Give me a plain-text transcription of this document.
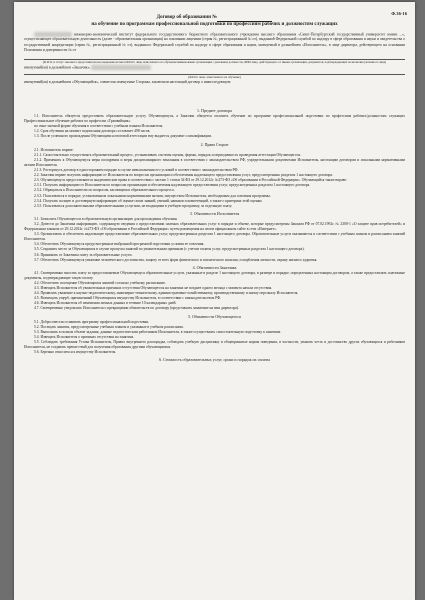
Ф.36-16
Договор об образовании №
на обучение по программам профессиональной подготовки по профессиям рабочих и должностям служащих

инженерно-экономический институт федерального государственного бюджетного образовательного учреждения высшего образования «Санкт-Петербургский государственный университет имени ...», осуществляющее образовательную деятельность (далее - образовательная организация) на основании лицензии (серия №, регистрационный № от), выданной Федеральной службой по надзору в сфере образования и науки и свидетельства о государственной аккредитации (серия №, регистрационный № от), выданного Федеральной службой по надзору в сфере образования и науки, именуемый в дальнейшем «Исполнитель», в лице директора, действующего на основании Положения и доверенности № от

(Ф.И.О. и статус законного представителя несовершеннолетнего/Ф.И.О. лица зачисленного на обучение/наименование организации с указанием должности, ФИО лица, действующего от имени организации, документов, подтверждающих полномочия указанного лица)

именуемый(ая) в дальнейшем «Заказчик»,

(Ф.И.О. лица, зачисленного на обучение)

именуемый(ая) в дальнейшем «Обучающийся», совместно именуемые Стороны, заключили настоящий договор о нижеследующем:

1. Предмет договора

1.1. Исполнитель обязуется предоставить образовательную услугу Обучающемуся, а Заказчик обязуется оплатить обучение по программе профессиональной подготовки по профессиям рабочих/должностям служащих Профессиональное обучение рабочих по профессии «Трамвайщик»

по очно-заочной форме обучения в соответствии с учебным планом Исполнителя.

1.2. Срок обучения на момент подписания договора составляет 498 часов.

1.3. После успешного прохождения Обучающимся итоговой аттестации ему выдается документ о квалификации.

2. Права Сторон

2.1. Исполнитель вправе:

2.1.1. Самостоятельно осуществлять образовательный процесс, устанавливать системы оценок, формы, порядок и периодичность проведения аттестации Обучающегося.

2.1.2. Применять к Обучающемуся меры поощрения и меры дисциплинарного взыскания в соответствии с законодательством РФ, учредительными документами Исполнителя, настоящим договором и локальными нормативными актами Исполнителя.

2.1.3. Расторгнуть договор в одностороннем порядке в случае невыполнения его условий в соответствии с законодательством РФ.

2.2. Заказчик вправе получать информацию от Исполнителя по вопросам организации и обеспечения надлежащего предоставления услуг, предусмотренных разделом 1 настоящего договора.

2.3. Обучающемуся предоставляются академические права в соответствии с частью 1 статьи 34 ФЗ от 29.12.2012г. №273-ФЗ «Об образовании в Российской Федерации». Обучающийся также вправе:

2.3.1. Получать информацию от Исполнителя по вопросам организации и обеспечения надлежащего предоставления услуг, предусмотренных разделом 1 настоящего договора.

2.3.2. Обращаться к Исполнителю по вопросам, касающимся образовательного процесса.

2.3.3. Пользоваться в порядке, установленном локальными нормативными актами, имуществом Исполнителя, необходимым для освоения программы.

2.3.4. Получать полную и достоверную информацию об оценке своих знаний, умений, навыков и компетенций, а также о критериях этой оценки.

2.3.5. Пользоваться дополнительными образовательными услугами, не входящими в учебную программу, за отдельную плату.

3. Обязанности Исполнителя

3.1. Зачислить Обучающегося в образовательную организацию для прохождения обучения.

3.2. Довести до Заказчика информацию, содержащую сведения о предоставлении платных образовательных услуг в порядке и объеме, которые предусмотрены Законом РФ от 07.02.1992г. № 2300-1 «О защите прав потребителей» и Федеральным законом от 29.12.2012г. №273-ФЗ «Об образовании в Российской Федерации» путем размещения на своем официальном сайте в сети «Интернет».

3.3. Организовать и обеспечить надлежащее предоставление образовательных услуг, предусмотренных разделом 1 настоящего договора. Образовательные услуги оказываются в соответствии с учебным планом и расписанием занятий Исполнителя.

3.4. Обеспечить Обучающемуся предусмотренные выбранной программой подготовки условия ее освоения.

3.5. Сохранить место за Обучающимся в случае пропуска занятий по уважительным причинам (с учетом оплаты услуг, предусмотренных разделом 1 настоящего договора).

3.6. Принимать от Заказчика плату за образовательные услуги.

3.7. Обеспечить Обучающемуся уважение человеческого достоинства, защиту от всех форм физического и психического насилия, оскорбления личности, охрану жизни и здоровья.

4. Обязанности Заказчика

4.1. Своевременно вносить плату за предоставляемые Обучающемуся образовательные услуги, указанные в разделе 1 настоящего договора, в размере и порядке, определенных настоящим договором, а также предоставлять платежные документы, подтверждающие такую оплату.

4.2. Обеспечить посещение Обучающимся занятий согласно учебному расписанию.

4.3. Извещать Исполнителя об уважительных причинах отсутствия Обучающегося на занятиях не позднее одного месяца с момента начала отсутствия.

4.4. Проявлять уважение к научно-педагогическому, инженерно-техническому, административно-хозяйственному, производственному и иному персоналу Исполнителя.

4.5. Возмещать ущерб, причиненный Обучающимся имуществу Исполнителя, в соответствии с законодательством РФ.

4.6. Извещать Исполнителя об изменении личных данных в течение 10 календарных дней.

4.7. Своевременно уведомлять Исполнителя о прекращении обязательств по договору (представлять заявление на имя директора).

5. Обязанности Обучающегося

5.1. Добросовестно осваивать программу профессиональной подготовки.

5.2. Посещать занятия, предусмотренные учебным планом и указанные в учебном расписании.

5.3. Выполнять в полном объеме задания, данные педагогическим работником Исполнителя, в также осуществлять самостоятельную подготовку к занятиям.

5.4. Извещать Исполнителя о причинах отсутствия на занятиях.

5.5. Соблюдать требования Устава Исполнителя, Правил внутреннего распорядка, соблюдать учебную дисциплину и общепринятые нормы поведения, в частности, уважать честь и достоинство других обучающихся и работников Исполнителя, не создавать препятствий для получения образования другими обучающимися.

5.6. Бережно относиться к имуществу Исполнителя.

6. Стоимость образовательных услуг, сроки и порядок их оплаты
